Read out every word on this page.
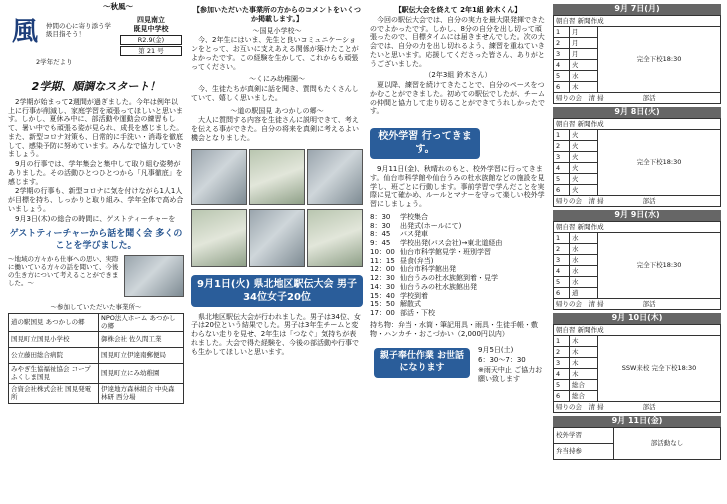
～秋風～
風 仲間の心に寄り添う学級目指そう！
四見南立
既見中学校
R2.9(金)
第 21 号
2学年だより
2学期、順調なスタート！
2学期が始まって2週間が過ぎました。今年は例年以上に行事が削減し、家庭学習を頑張ってほしいと思います。しかし、夏休み中に、部活動や運動会の練習もして、暑い中でも頑張る姿が見られ、成長を感じました。また、新型コロナ対策も、日常的に手洗い・消毒を徹底して、感染予防に努めています。みんなで協力していきましょう。
9月の行事では、学年集会と集中して取り組む姿勢がありました。その活動ひとつひとつから「凡事徹底」を感じます。
2学期の行事も、新型コロナに気を付けながら1人1人が目標を持ち、しっかりと取り組み、学年全体で高め合いましょう。
9月3日(木)の総合の時間に、ゲストティーチャーを
ゲストティーチャーから話を聞く会 多くのことを学びました。
～地域の方々から仕事への思い、実際に働いている方々の話を聞いて、今後の生き方について考えることができました。～
～参加していただいた事業所～
道の駅国見 あつかしの郷	NPO法人ホーム あつかしの郷
国見町立国見小学校	御株会社 佐久間工業
公立藤田総合病院	国見町立伊達南郵便局
みやぎ生協福祉協会 コープふくしま国見	国見町立にみ幼稚園
合資会社株式会社 国見発電所	伊達地方森林組合 中央森林研 西分場
【参加いただいた事業所の方からのコメントをいくつか掲載します。】
～国見小学校～
今、2年生にはいま、先生と良いコミュニケーションをとって、お互いに支えあえる関係が築けたことがよかったです。この経験を生かして、これからも頑張ってください。
～くにみ幼稚園～
今、生徒たちが真剣に話を聞き、質問もたくさんしていて、嬉しく思いました。
～道の駅国見 あつかしの郷～
大人に質問する内容を生徒さんに説明できて、考えを伝える事ができた。自分の将来を真剣に考えるよい機会となりました。
9月1日(火) 県北地区駅伝大会 男子34位女子20位
県北地区駅伝大会が行われました。男子は34位、女子は20位という結果でした。男子は3年生チームと変わらない走りを見せ、2年生は「つなぐ」気持ちが表れました。大会で得た経験を、今後の部活動や行事でも生かしてほしいと思います。
【駅伝大会を終えて 2年1組 鈴木くん】
今回の駅伝大会では、自分の実力を最大限発揮できたのでよかったです。しかし、8分の自分を出し切って頑張ったので、目標タイムには届きませんでした。次の大会では、自分の力を出し切れるよう、練習を重ねていきたいと思います。応援してくださった皆さん、ありがとうございました。
（2年3組 鈴木さん）
夏以降、練習を続けてきたことで、自分のペースをつかむことができました。初めての駅伝でしたが、チームの仲間と協力して走り切ることができてうれしかったです。
校外学習 行ってきます。
9月11日(金)、秋晴れのもと、校外学習に行ってきます。仙台市科学館や仙台うみの杜水族館などの施設を見学し、班ごとに行動します。事前学習で学んだことを実際に見て確かめ、ルールとマナーを守って楽しい校外学習にしましょう。
8：30 学校集合
8：30 出発式(ホールにて)
8：45 バス発車
9：45 学校出発(バス会社)→東北道経由
10：00 仙台市科学館見学・班別学習
11：15 昼食(弁当)
12：00 仙台市科学館出発
12：30 仙台うみの杜水族館到着・見学
14：30 仙台うみの杜水族館出発
15：40 学校到着
15：50 解散式
17：00 部活・下校
持ち物：弁当・水筒・筆記用具・雨具・生徒手帳・敷物・ハンカチ・おこづかい（2,000円以内）
親子奉仕作業 お世話になります
9月5日(土)
6：30～7：30
※雨天中止 ご協力お願い致します
9月 7日(月)
朝自習 新聞作成		
1	月	完全下校18:30
2	月	
3	月	
4	火	
5	水	
6	木	
帰りの会　 清 掃　　　　　　 部活		
9月 8日(火)
朝自習 新聞作成		
1	火	完全下校18:30
2	火	
3	火	
4	火	
5	火	
6	火	
帰りの会　 清 掃　　　　　　 部活		
9月 9日(水)
朝自習 新聞作成		
1	水	完全下校18:30
2	水	
3	水	
4	水	
5	水	
6	道	
帰りの会　 清 掃　　　　　　 部活		
9月 10日(木)
朝自習 新聞作成		
1	木	SSW来校 完全下校18:30
2	木	
3	木	
4	木	
5	総合	
6	総合	
帰りの会　 清 掃　　　　　　 部活		
9月 11日(金)
校外学習	部活動なし
弁当持参
